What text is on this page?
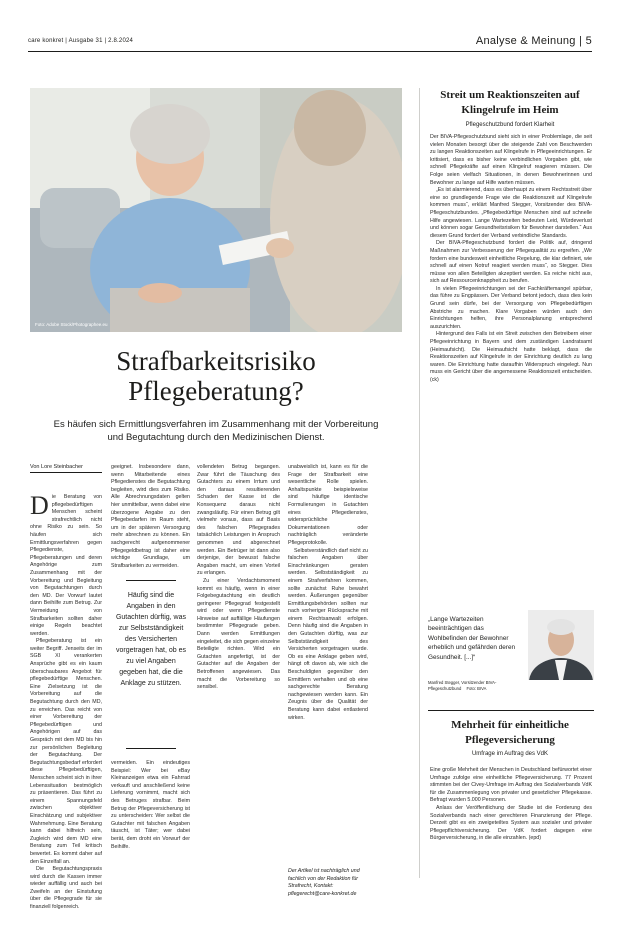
care konkret | Ausgabe 31 | 2.8.2024	Analyse & Meinung | 5
Foto: Adobe Stock/Photographee.eu
Strafbarkeitsrisiko
Pflegeberatung?

Es häufen sich Ermittlungsverfahren im Zusammenhang mit der Vorbereitung und Begutachtung durch den Medizinischen Dienst.

Von Lore Steinbacher
D ie Beratung von pflegebedürftigen Menschen scheint strafrechtlich nicht ohne Risiko zu sein. So häufen sich Ermittlungsverfahren gegen Pflegedienste, Pflegeberatungen und deren Angehörige zum Zusammenhang mit der Vorbereitung und Begleitung von Begutachtungen durch den MD. Der Vorwurf lautet dann Beihilfe zum Betrug. Zur Vermeidung von Strafbarkeiten sollten daher einige Regeln beachtet werden.

Pflegeberatung ist ein weiter Begriff. Jenseits der im SGB XI verankerten Ansprüche gibt es ein kaum überschaubares Angebot für pflegebedürftige Menschen. Eine Zielsetzung ist die Vorbereitung auf die Begutachtung durch den MD, zu erreichen. Das reicht von einer Vorbereitung der Pflegebedürftigen und Angehörigen auf das Gespräch mit dem MD bis hin zur persönlichen Begleitung der Begutachtung. Der Begutachtungsbedarf erfordert diese Pflegebedürftigen, Menschen scheint sich in ihrer Lebenssituation bestmöglich zu präsentieren. Das führt zu einem Spannungsfeld zwischen objektiver Einschätzung und subjektiver Wahrnehmung. Eine Beratung kann dabei hilfreich sein, Zugleich wird dem MD eine Beratung zum Teil kritisch bewertet. Es kommt daher auf den Einzelfall an.

Die Begutachtungspraxis wird durch die Kassen immer wieder auffällig und auch bei Zweifeln an der Einstufung über die Pflegegrade für sie finanziell folgenreich.

geeignet. Insbesondere dann, wenn Mitarbeitende eines Pflegedienstes die Begutachtung begleiten, wird dies zum Risiko. Alle Abrechnungsdaten gelten hier unmittelbar, wenn dabei eine überzogene Angabe zu den Pflegebedarfen im Raum steht, um in der späteren Versorgung mehr abrechnen zu können. Ein sachgerecht aufgenommener Pflegegeldbetrag ist daher eine wichtige Grundlage, um Strafbarkeiten zu vermeiden.

Häufig sind die Angaben in den Gutachten dürftig, was zur Selbstständigkeit des Versicherten vorgetragen hat, ob es zu viel Angaben gegeben hat, die die Anklage zu stützen.

vermeiden. Ein eindeutiges Beispiel: Wer bei eBay Kleinanzeigen etwa ein Fahrrad verkauft und anschließend keine Lieferung vornimmt, macht sich des Betruges strafbar. Beim Betrug der Pflegeversicherung ist zu unterscheiden: Wer selbst die Gutachter mit falschen Angaben täuscht, ist Täter; wer dabei berät, dem droht ein Vorwurf der Beihilfe.

vollendeten Betrug begangen. Zwar führt die Täuschung des Gutachters zu einem Irrtum und den daraus resultierenden Schaden der Kasse ist die Konsequenz daraus nicht zwangsläufig. Für einen Betrug gilt vielmehr voraus, dass auf Basis des falschen Pflegegrades tatsächlich Leistungen in Anspruch genommen und abgerechnet werden. Ein Betrüger ist dann also derjenige, der bewusst falsche Angaben macht, um einen Vorteil zu erlangen.

Zu einer Verdachtsmoment kommt es häufig, wenn in einer Folgebegutachtung ein deutlich geringerer Pflegegrad festgestellt wird oder wenn Pflegedienste Hinweise auf auffällige Häufungen bestimmter Pflegegrade geben. Dann werden Ermittlungen eingeleitet, die sich gegen einzelne Beteiligte richten. Wird ein Gutachten angefertigt, ist der Gutachter auf die Angaben der Betroffenen angewiesen. Das macht die Vorbereitung so sensibel.

unabweislich ist, kann es für die Frage der Strafbarkeit eine wesentliche Rolle spielen. Anhaltspunkte beispielsweise sind häufige identische Formulierungen in Gutachten eines Pflegedienstes, widersprüchliche Dokumentationen oder nachträglich veränderte Pflegeprotokolle.

Selbstverständlich darf nicht zu falschen Angaben über Einschränkungen geraten werden. Selbstständigkeit zu einem Strafverfahren kommen, sollte zunächst Ruhe bewahrt werden. Äußerungen gegenüber Ermittlungsbehörden sollten nur nach vorheriger Rücksprache mit einem Rechtsanwalt erfolgen. Denn häufig sind die Angaben in den Gutachten dürftig, was zur Selbstständigkeit des Versicherten vorgetragen wurde. Ob es eine Anklage geben wird, hängt oft davon ab, wie sich die Beschuldigten gegenüber den Ermittlern verhalten und ob eine sachgerechte Beratung nachgewiesen werden kann. Ein Zeugnis über die Qualität der Beratung kann dabei entlastend wirken.

Der Artikel ist nachträglich und fachlich von der Redaktion für Strafrecht, Kontakt: pflegerecht@care-konkret.de
Streit um Reaktionszeiten auf Klingelrufe im Heim
Pflegeschutzbund fordert Klarheit

Der BIVA-Pflegeschutzbund sieht sich in einer Problemlage, die seit vielen Monaten besorgt über die steigende Zahl von Beschwerden zu langen Reaktionszeiten auf Klingelrufe in Pflegeeinrichtungen. Er kritisiert, dass es bisher keine verbindlichen Vorgaben gibt, wie schnell Pflegekräfte auf einen Klingelruf reagieren müssen. Die Folge seien vielfach Situationen, in denen Bewohnerinnen und Bewohner zu lange auf Hilfe warten müssen.

„Es ist alarmierend, dass es überhaupt zu einem Rechtsstreit über eine so grundlegende Frage wie die Reaktionszeit auf Klingelrufe kommen muss“, erklärt Manfred Stegger, Vorsitzender des BIVA-Pflegeschutzbundes. „Pflegebedürftige Menschen sind auf schnelle Hilfe angewiesen. Lange Wartezeiten bedeuten Leid, Würdeverlust und können sogar Gesundheitsrisiken für Bewohner darstellen.“ Aus diesem Grund fordert der Verband verbindliche Standards.

Der BIVA-Pflegeschutzbund fordert die Politik auf, dringend Maßnahmen zur Verbesserung der Pflegequalität zu ergreifen. „Wir fordern eine bundesweit einheitliche Regelung, die klar definiert, wie schnell auf einen Notruf reagiert werden muss“, so Stegger. Dies müsse von allen Beteiligten akzeptiert werden. Es reiche nicht aus, sich auf Ressourcenknappheit zu berufen.

In vielen Pflegeeinrichtungen sei der Fachkräftemangel spürbar, das führe zu Engpässen. Der Verband betont jedoch, dass dies kein Grund sein dürfe, bei der Versorgung von Pflegebedürftigen Abstriche zu machen. Klare Vorgaben würden auch den Einrichtungen helfen, ihre Personalplanung entsprechend auszurichten.

Hintergrund des Falls ist ein Streit zwischen den Betreibern einer Pflegeeinrichtung in Bayern und dem zuständigen Landratsamt (Heimaufsicht). Die Heimaufsicht hatte beklagt, dass die Reaktionszeiten auf Klingelrufe in der Einrichtung deutlich zu lang waren. Die Einrichtung hatte daraufhin Widerspruch eingelegt. Nun muss ein Gericht über die angemessene Reaktionszeit entscheiden. (ck)

„Lange Wartezeiten beeinträchtigen das Wohlbefinden der Bewohner erheblich und gefährden deren Gesundheit. [...]“
Manfred Stegger, Vorsitzender BIVA-Pflegeschutzbund Foto: BIVA
Mehrheit für einheitliche Pflegeversicherung
Umfrage im Auftrag des VdK

Eine große Mehrheit der Menschen in Deutschland befürwortet einer Umfrage zufolge eine einheitliche Pflegeversicherung. 77 Prozent stimmten bei der Civey-Umfrage im Auftrag des Sozialverbands VdK für die Zusammenlegung von privater und gesetzlicher Pflegekasse. Befragt wurden 5.000 Personen.

Anlass der Veröffentlichung der Studie ist die Forderung des Sozialverbands nach einer gerechteren Finanzierung der Pflege. Derzeit gibt es ein zweigeteiltes System aus sozialer und privater Pflegepflichtversicherung. Der VdK fordert dagegen eine Bürgerversicherung, in die alle einzahlen. (epd)
